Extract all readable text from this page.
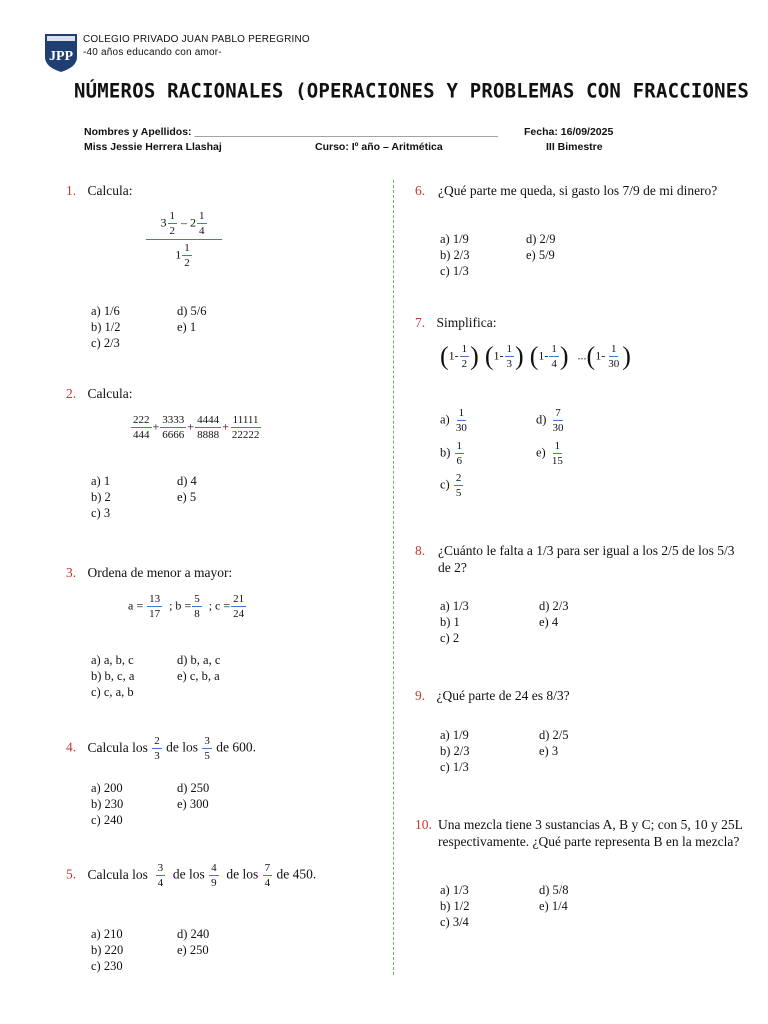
JPP
COLEGIO PRIVADO JUAN PABLO PEREGRINO
-40 años educando con amor-
NÚMEROS RACIONALES (OPERACIONES Y PROBLEMAS CON FRACCIONES
Nombres y Apellidos: ____________________________________________________ Fecha: 16/09/2025
Miss Jessie Herrera Llashaj	Curso: Iº año – Aritmética	III Bimestre
1. Calcula:
$3 \frac{1}{2} - 2 \frac{1}{4}$
$1 \frac{1}{2}$
a) 1/6
b) 1/2
c) 2/3
d) 5/6
e) 1
2. Calcula:
$\frac{222}{444} + \frac{3333}{6666} + \frac{4444}{8888} + \frac{11111}{22222}$
a) 1
b) 2
c) 3
d) 4
e) 5
3. Ordena de menor a mayor:
$a = \frac{13}{17}$ ; $b = \frac{5}{8}$ ; $c = \frac{21}{24}$
a) a, b, c
b) b, c, a
c) c, a, b
d) b, a, c
e) c, b, a
4. Calcula los $\frac{2}{3}$ de los $\frac{3}{5}$ de 600.
a) 200
b) 230
c) 240
d) 250
e) 300
5. Calcula los $\frac{3}{4}$ de los $\frac{4}{9}$ de los $\frac{7}{4}$ de 450.
a) 210
b) 220
c) 230
d) 240
e) 250
6. ¿Qué parte me queda, si gasto los 7/9 de mi dinero?
a) 1/9
b) 2/3
c) 1/3
d) 2/9
e) 5/9
7. Simplifica:
($1- \frac{1}{2}$ ) ($1- \frac{1}{3}$ ) ($1- \frac{1}{4}$ ) $...(1- \frac{1}{30}$ )
$a) \frac{1}{30}$
$b) \frac{1}{6}$
$c) \frac{2}{5}$
$d) \frac{7}{30}$
$e) \frac{1}{15}$
8. ¿Cuánto le falta a 1/3 para ser igual a los 2/5 de los 5/3 de 2?
a) 1/3
b) 1
c) 2
d) 2/3
e) 4
9. ¿Qué parte de 24 es 8/3?
a) 1/9
b) 2/3
c) 1/3
d) 2/5
e) 3
10. Una mezcla tiene 3 sustancias A, B y C; con 5, 10 y 25L respectivamente. ¿Qué parte representa B en la mezcla?
a) 1/3
b) 1/2
c) 3/4
d) 5/8
e) 1/4
